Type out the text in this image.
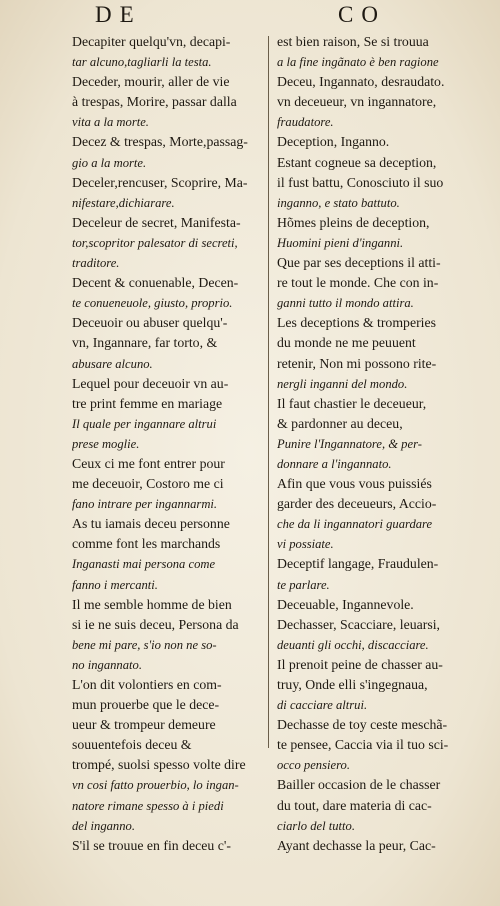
DE	CO
Decapiter quelqu'vn, decapi-
tar alcuno,tagliarli la testa.
Deceder, mourir, aller de vie
à trespas, Morire, passar dalla
vita a la morte.
Decez & trespas, Morte,passag-
gio a la morte.
Deceler,rencuser, Scoprire, Ma-
nifestare,dichiarare.
Deceleur de secret, Manifesta-
tor,scopritor palesator di secreti,
traditore.
Decent & conuenable, Decen-
te conueneuole, giusto, proprio.
Deceuoir ou abuser quelqu'-
vn, Ingannare, far torto, &
abusare alcuno.
Lequel pour deceuoir vn au-
tre print femme en mariage
Il quale per ingannare altrui
prese moglie.
Ceux ci me font entrer pour
me deceuoir, Costoro me ci
fano intrare per ingannarmi.
As tu iamais deceu personne
comme font les marchands
Inganasti mai persona come
fanno i mercanti.
Il me semble homme de bien
si ie ne suis deceu, Persona da
bene mi pare, s'io non ne so-
no ingannato.
L'on dit volontiers en com-
mun prouerbe que le dece-
ueur & trompeur demeure
souuentefois deceu &
trompé, suolsi spesso volte dire
vn cosi fatto prouerbio, lo ingan-
natore rimane spesso à i piedi
del inganno.
S'il se trouue en fin deceu c'-
est bien raison, Se si trouua
a la fine ingãnato è ben ragione
Deceu, Ingannato, desraudato.
vn deceueur, vn ingannatore,
fraudatore.
Deception, Inganno.
Estant cogneue sa deception,
il fust battu, Conosciuto il suo
inganno, e stato battuto.
Hõmes pleins de deception,
Huomini pieni d'inganni.
Que par ses deceptions il atti-
re tout le monde. Che con in-
ganni tutto il mondo attira.
Les deceptions & tromperies
du monde ne me peuuent
retenir, Non mi possono rite-
nergli inganni del mondo.
Il faut chastier le deceueur,
& pardonner au deceu,
Punire l'Ingannatore, & per-
donnare a l'ingannato.
Afin que vous vous puissiés
garder des deceueurs, Accio-
che da li ingannatori guardare
vi possiate.
Deceptif langage, Fraudulen-
te parlare.
Deceuable, Ingannevole.
Dechasser, Scacciare, leuarsi,
deuanti gli occhi, discacciare.
Il prenoit peine de chasser au-
truy, Onde elli s'ingegnaua,
di cacciare altrui.
Dechasse de toy ceste meschã-
te pensee, Caccia via il tuo sci-
occo pensiero.
Bailler occasion de le chasser
du tout, dare materia di cac-
ciarlo del tutto.
Ayant dechasse la peur, Cac-
